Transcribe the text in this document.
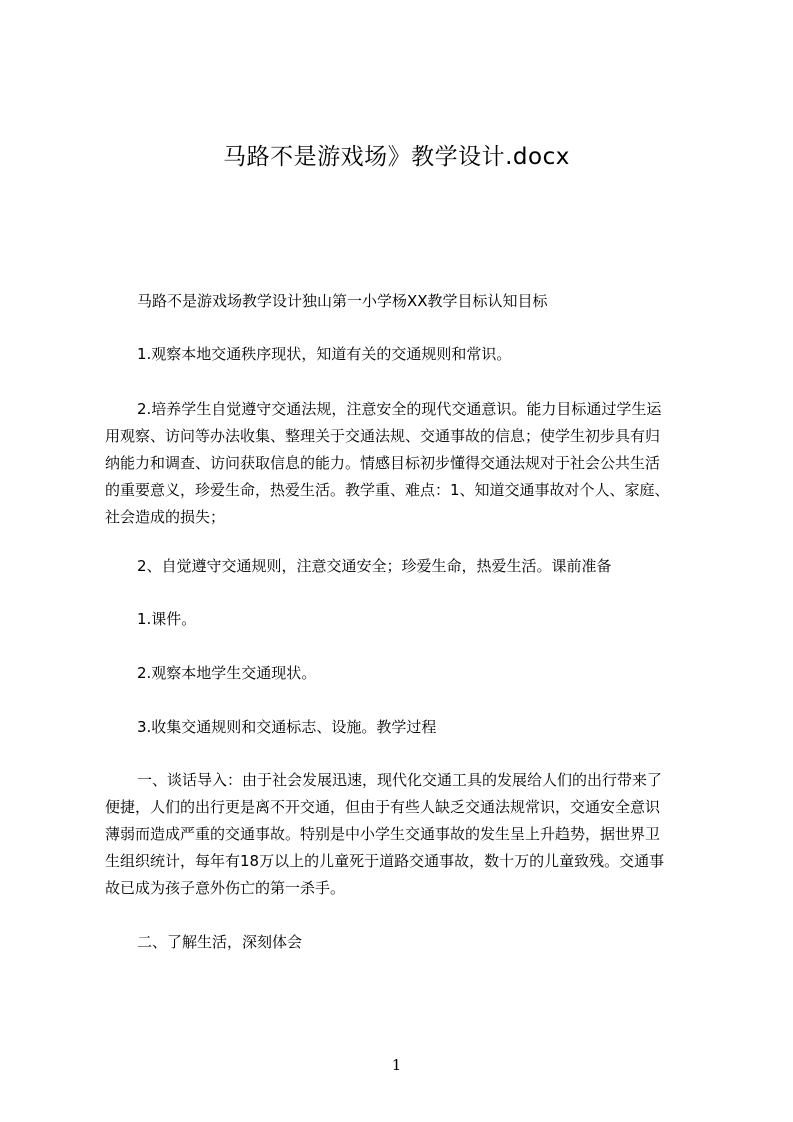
马路不是游戏场》教学设计.docx
马路不是游戏场教学设计独山第一小学杨XX教学目标认知目标
1.观察本地交通秩序现状，知道有关的交通规则和常识。
2.培养学生自觉遵守交通法规，注意安全的现代交通意识。能力目标通过学生运
用观察、访问等办法收集、整理关于交通法规、交通事故的信息；使学生初步具有归
纳能力和调查、访问获取信息的能力。情感目标初步懂得交通法规对于社会公共生活
的重要意义，珍爱生命，热爱生活。教学重、难点：1、知道交通事故对个人、家庭、
社会造成的损失；
2、自觉遵守交通规则，注意交通安全；珍爱生命，热爱生活。课前准备
1.课件。
2.观察本地学生交通现状。
3.收集交通规则和交通标志、设施。教学过程
一、谈话导入：由于社会发展迅速，现代化交通工具的发展给人们的出行带来了
便捷，人们的出行更是离不开交通，但由于有些人缺乏交通法规常识，交通安全意识
薄弱而造成严重的交通事故。特别是中小学生交通事故的发生呈上升趋势，据世界卫
生组织统计，每年有18万以上的儿童死于道路交通事故，数十万的儿童致残。交通事
故已成为孩子意外伤亡的第一杀手。
二、了解生活，深刻体会
1
